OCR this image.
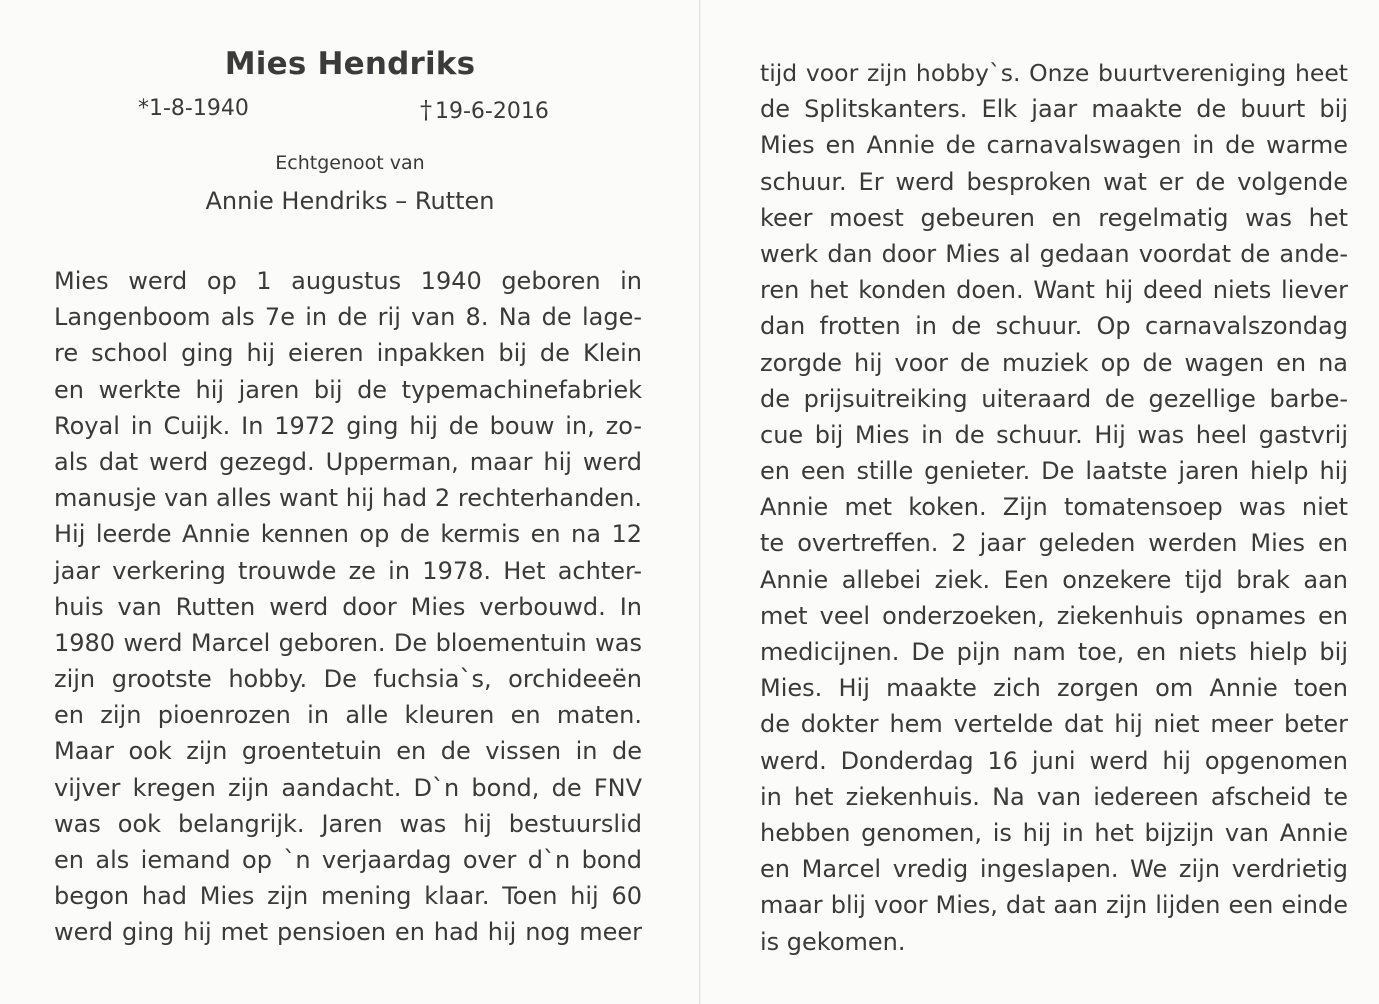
Mies Hendriks
*1-8-1940	† 19-6-2016
Echtgenoot van
Annie Hendriks – Rutten
Mies werd op 1 augustus 1940 geboren in
Langenboom als 7e in de rij van 8. Na de lage-
re school ging hij eieren inpakken bij de Klein
en werkte hij jaren bij de typemachinefabriek
Royal in Cuijk. In 1972 ging hij de bouw in, zo-
als dat werd gezegd. Upperman, maar hij werd
manusje van alles want hij had 2 rechterhanden.
Hij leerde Annie kennen op de kermis en na 12
jaar verkering trouwde ze in 1978. Het achter-
huis van Rutten werd door Mies verbouwd. In
1980 werd Marcel geboren. De bloementuin was
zijn grootste hobby. De fuchsia`s, orchideeën
en zijn pioenrozen in alle kleuren en maten.
Maar ook zijn groentetuin en de vissen in de
vijver kregen zijn aandacht. D`n bond, de FNV
was ook belangrijk. Jaren was hij bestuurslid
en als iemand op `n verjaardag over d`n bond
begon had Mies zijn mening klaar. Toen hij 60
werd ging hij met pensioen en had hij nog meer
tijd voor zijn hobby`s. Onze buurtvereniging heet
de Splitskanters. Elk jaar maakte de buurt bij
Mies en Annie de carnavalswagen in de warme
schuur. Er werd besproken wat er de volgende
keer moest gebeuren en regelmatig was het
werk dan door Mies al gedaan voordat de ande-
ren het konden doen. Want hij deed niets liever
dan frotten in de schuur. Op carnavalszondag
zorgde hij voor de muziek op de wagen en na
de prijsuitreiking uiteraard de gezellige barbe-
cue bij Mies in de schuur. Hij was heel gastvrij
en een stille genieter. De laatste jaren hielp hij
Annie met koken. Zijn tomatensoep was niet
te overtreffen. 2 jaar geleden werden Mies en
Annie allebei ziek. Een onzekere tijd brak aan
met veel onderzoeken, ziekenhuis opnames en
medicijnen. De pijn nam toe, en niets hielp bij
Mies. Hij maakte zich zorgen om Annie toen
de dokter hem vertelde dat hij niet meer beter
werd. Donderdag 16 juni werd hij opgenomen
in het ziekenhuis. Na van iedereen afscheid te
hebben genomen, is hij in het bijzijn van Annie
en Marcel vredig ingeslapen. We zijn verdrietig
maar blij voor Mies, dat aan zijn lijden een einde
is gekomen.
